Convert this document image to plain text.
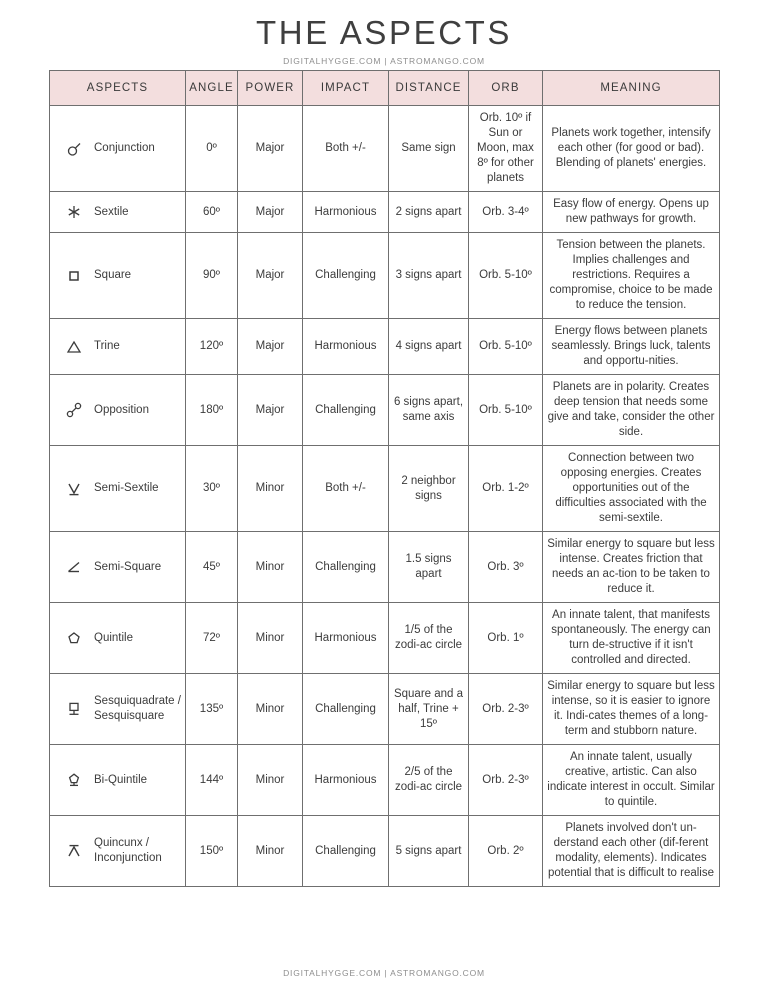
THE ASPECTS
DIGITALHYGGE.COM | ASTROMANGO.COM
ASPECTS	ANGLE	POWER	IMPACT	DISTANCE	ORB	MEANING

Conjunction	0º	Major	Both +/-	Same sign	Orb. 10º if Sun or Moon, max 8º for other planets	Planets work together, intensify each other (for good or bad). Blending of planets' energies.

Sextile	60º	Major	Harmonious	2 signs apart	Orb. 3-4º	Easy flow of energy. Opens up new pathways for growth.

Square	90º	Major	Challenging	3 signs apart	Orb. 5-10º	Tension between the planets. Implies challenges and restrictions. Requires a compromise, choice to be made to reduce the tension.

Trine	120º	Major	Harmonious	4 signs apart	Orb. 5-10º	Energy flows between planets seamlessly. Brings luck, talents and opportu-nities.

Opposition	180º	Major	Challenging	6 signs apart, same axis	Orb. 5-10º	Planets are in polarity. Creates deep tension that needs some give and take, consider the other side.

Semi-Sextile	30º	Minor	Both +/-	2 neighbor signs	Orb. 1-2º	Connection between two opposing energies. Creates opportunities out of the difficulties associated with the semi-sextile.

Semi-Square	45º	Minor	Challenging	1.5 signs apart	Orb. 3º	Similar energy to square but less intense. Creates friction that needs an ac-tion to be taken to reduce it.

Quintile	72º	Minor	Harmonious	1/5 of the zodi-ac circle	Orb. 1º	An innate talent, that manifests spontaneously. The energy can turn de-structive if it isn't controlled and directed.

Sesquiquadrate / Sesquisquare	135º	Minor	Challenging	Square and a half, Trine + 15º	Orb. 2-3º	Similar energy to square but less intense, so it is easier to ignore it. Indi-cates themes of a long-term and stubborn nature.

Bi-Quintile	144º	Minor	Harmonious	2/5 of the zodi-ac circle	Orb. 2-3º	An innate talent, usually creative, artistic. Can also indicate interest in occult. Similar to quintile.

Quincunx / Inconjunction	150º	Minor	Challenging	5 signs apart	Orb. 2º	Planets involved don't un-derstand each other (dif-ferent modality, elements). Indicates potential that is difficult to realise
DIGITALHYGGE.COM | ASTROMANGO.COM
